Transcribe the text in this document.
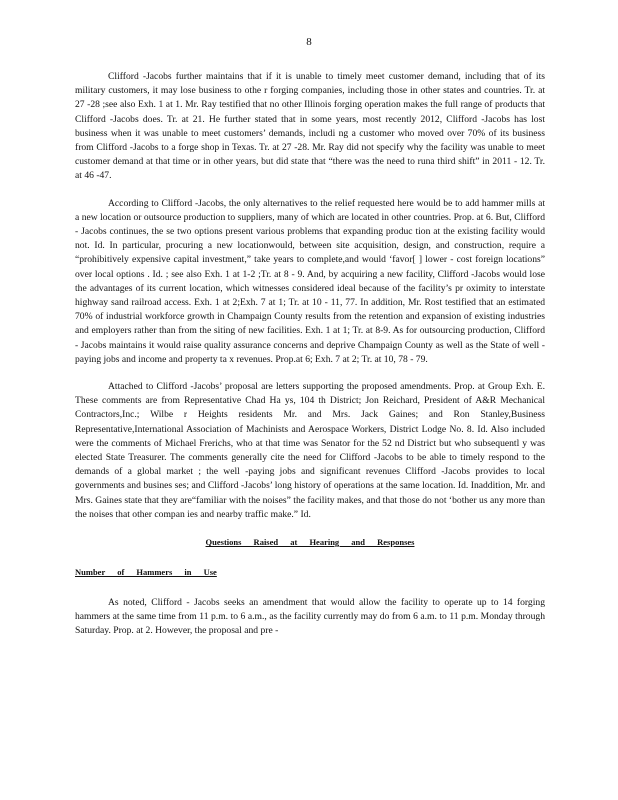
8

Clifford -Jacobs further maintains that if it is unable to timely meet customer demand, including that of its military customers, it may lose business to othe r forging companies, including those in other states and countries. Tr. at 27 -28 ;see also Exh. 1 at 1. Mr. Ray testified that no other Illinois forging operation makes the full range of products that Clifford -Jacobs does. Tr. at 21. He further stated that in some years, most recently 2012, Clifford -Jacobs has lost business when it was unable to meet customers’ demands, includi ng a customer who moved over 70% of its business from Clifford -Jacobs to a forge shop in Texas. Tr. at 27 -28. Mr. Ray did not specify why the facility was unable to meet customer demand at that time or in other years, but did state that “there was the need to runa third shift” in 2011 - 12. Tr. at 46 -47.

According to Clifford -Jacobs, the only alternatives to the relief requested here would be to add hammer mills at a new location or outsource production to suppliers, many of which are located in other countries. Prop. at 6. But, Clifford - Jacobs continues, the se two options present various problems that expanding produc tion at the existing facility would not. Id. In particular, procuring a new locationwould, between site acquisition, design, and construction, require a “prohibitively expensive capital investment,” take years to complete,and would ‘favor[ ] lower - cost foreign locations” over local options . Id. ; see also Exh. 1 at 1-2 ;Tr. at 8 - 9. And, by acquiring a new facility, Clifford -Jacobs would lose the advantages of its current location, which witnesses considered ideal because of the facility’s pr oximity to interstate highway sand railroad access. Exh. 1 at 2;Exh. 7 at 1; Tr. at 10 - 11, 77. In addition, Mr. Rost testified that an estimated 70% of industrial workforce growth in Champaign County results from the retention and expansion of existing industries and employers rather than from the siting of new facilities. Exh. 1 at 1; Tr. at 8-9. As for outsourcing production, Clifford - Jacobs maintains it would raise quality assurance concerns and deprive Champaign County as well as the State of well -paying jobs and income and property ta x revenues. Prop.at 6; Exh. 7 at 2; Tr. at 10, 78 - 79.

Attached to Clifford -Jacobs’ proposal are letters supporting the proposed amendments. Prop. at Group Exh. E. These comments are from Representative Chad Ha ys, 104 th District; Jon Reichard, President of A&R Mechanical Contractors,Inc.; Wilbe r Heights residents Mr. and Mrs. Jack Gaines; and Ron Stanley,Business Representative,International Association of Machinists and Aerospace Workers, District Lodge No. 8. Id. Also included were the comments of Michael Frerichs, who at that time was Senator for the 52 nd District but who subsequentl y was elected State Treasurer. The comments generally cite the need for Clifford -Jacobs to be able to timely respond to the demands of a global market ; the well -paying jobs and significant revenues Clifford -Jacobs provides to local governments and busines ses; and Clifford -Jacobs’ long history of operations at the same location. Id. Inaddition, Mr. and Mrs. Gaines state that they are“familiar with the noises” the facility makes, and that those do not ‘bother us any more than the noises that other compan ies and nearby traffic make.” Id.

Questions Raised at Hearing and Responses
Number of Hammers in Use

As noted, Clifford - Jacobs seeks an amendment that would allow the facility to operate up to 14 forging hammers at the same time from 11 p.m. to 6 a.m., as the facility currently may do from 6 a.m. to 11 p.m. Monday through Saturday. Prop. at 2. However, the proposal and pre -
